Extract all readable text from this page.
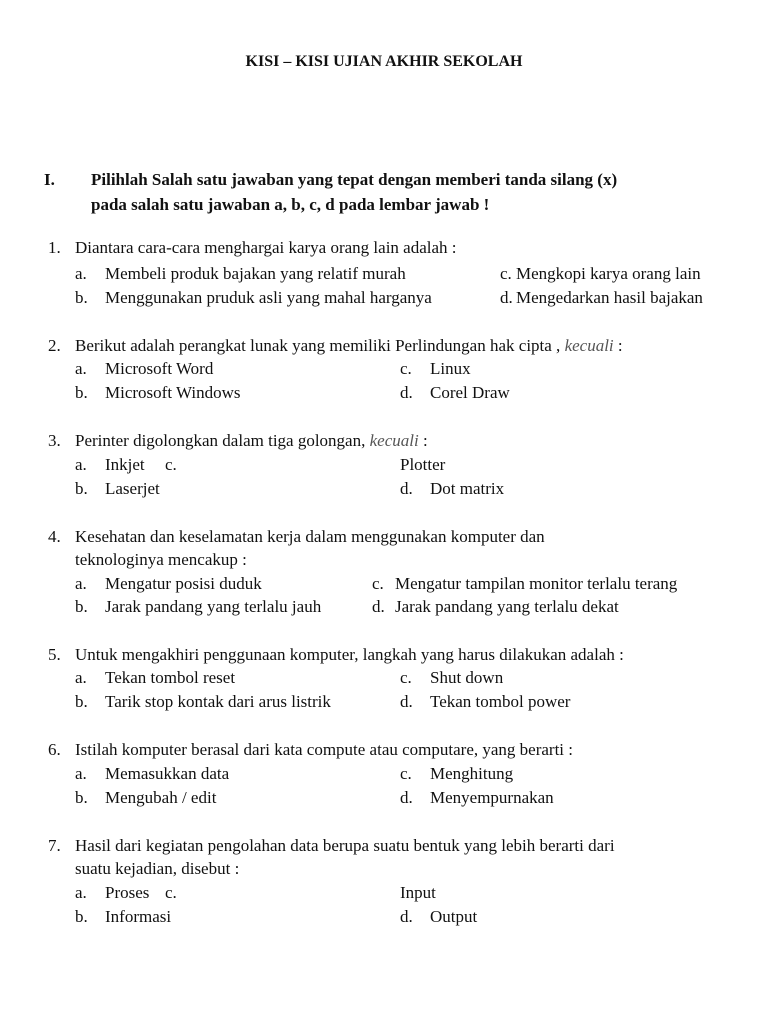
KISI – KISI UJIAN AKHIR SEKOLAH
I. Pilihlah Salah satu jawaban yang tepat dengan memberi tanda silang (x)
pada salah satu jawaban a, b, c, d pada lembar jawab !
1. Diantara cara-cara menghargai karya orang lain adalah :
a. Membeli produk bajakan yang relatif murah
b. Menggunakan pruduk asli yang mahal harganya
c. Mengkopi karya orang lain
d. Mengedarkan hasil bajakan
2. Berikut adalah perangkat lunak yang memiliki Perlindungan hak cipta , kecuali :
a. Microsoft Word
b. Microsoft Windows
c. Linux
d. Corel Draw
3. Perinter digolongkan dalam tiga golongan, kecuali :
a. Inkjet c.	Plotter
b. Laserjet	d. Dot matrix
4. Kesehatan dan keselamatan kerja dalam menggunakan komputer dan
teknologinya mencakup :
a. Mengatur posisi duduk
b. Jarak pandang yang terlalu jauh
c. Mengatur tampilan monitor terlalu terang
d. Jarak pandang yang terlalu dekat
5. Untuk mengakhiri penggunaan komputer, langkah yang harus dilakukan adalah :
a. Tekan tombol reset
b. Tarik stop kontak dari arus listrik
c. Shut down
d. Tekan tombol power
6. Istilah komputer berasal dari kata compute atau computare, yang berarti :
a. Memasukkan data
b. Mengubah / edit
c. Menghitung
d. Menyempurnakan
7. Hasil dari kegiatan pengolahan data berupa suatu bentuk yang lebih berarti dari
suatu kejadian, disebut :
a. Proses c.	Input
b. Informasi	d. Output
